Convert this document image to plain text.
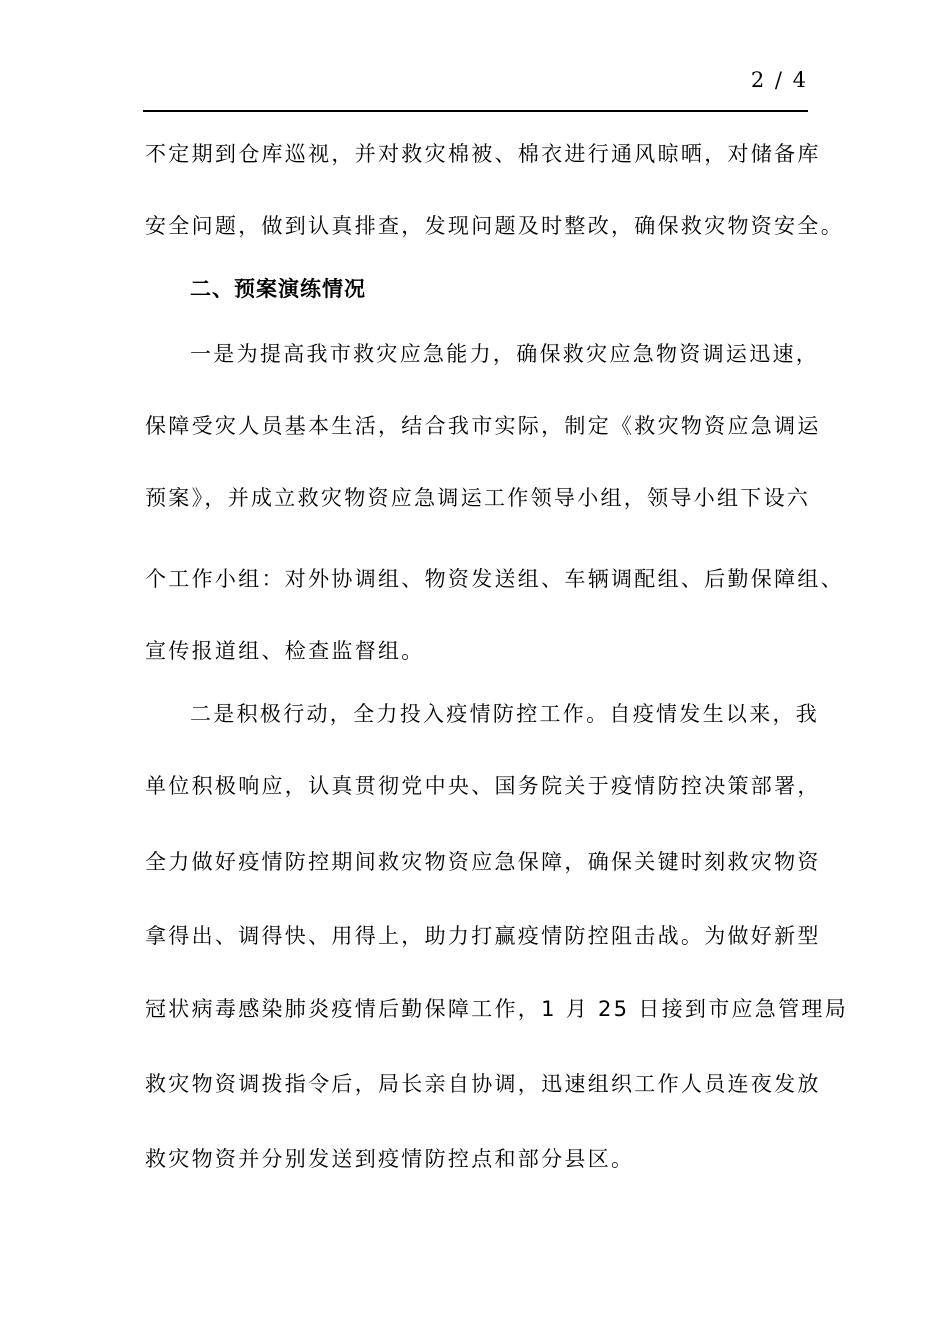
2 / 4
不定期到仓库巡视，并对救灾棉被、棉衣进行通风晾晒，对储备库
安全问题，做到认真排查，发现问题及时整改，确保救灾物资安全。
二、预案演练情况
一是为提高我市救灾应急能力，确保救灾应急物资调运迅速，
保障受灾人员基本生活，结合我市实际，制定《救灾物资应急调运
预案》，并成立救灾物资应急调运工作领导小组，领导小组下设六
个工作小组：对外协调组、物资发送组、车辆调配组、后勤保障组、
宣传报道组、检查监督组。
二是积极行动，全力投入疫情防控工作。自疫情发生以来，我
单位积极响应，认真贯彻党中央、国务院关于疫情防控决策部署，
全力做好疫情防控期间救灾物资应急保障，确保关键时刻救灾物资
拿得出、调得快、用得上，助力打赢疫情防控阻击战。为做好新型
冠状病毒感染肺炎疫情后勤保障工作，1 月 25 日接到市应急管理局
救灾物资调拨指令后，局长亲自协调，迅速组织工作人员连夜发放
救灾物资并分别发送到疫情防控点和部分县区。
